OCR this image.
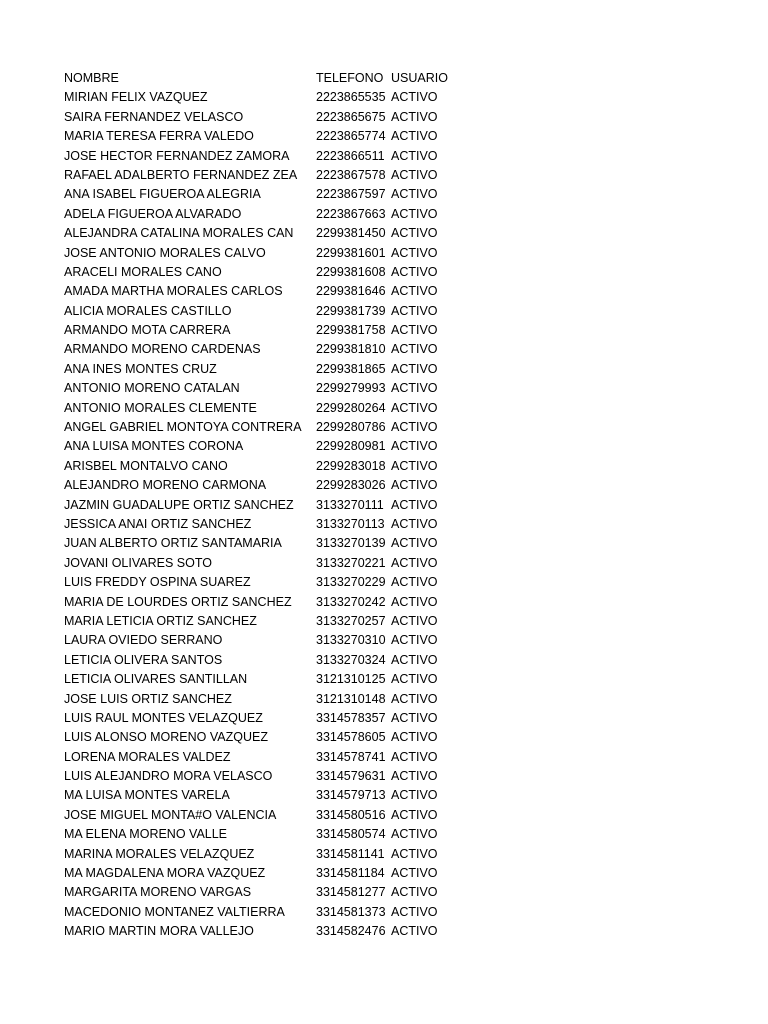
NOMBRE	TELEFONO USUARIO
MIRIAN FELIX VAZQUEZ	2223865535 ACTIVO
SAIRA FERNANDEZ VELASCO	2223865675 ACTIVO
MARIA TERESA FERRA VALEDO	2223865774 ACTIVO
JOSE HECTOR FERNANDEZ ZAMORA	2223866511 ACTIVO
RAFAEL ADALBERTO FERNANDEZ ZEA	2223867578 ACTIVO
ANA ISABEL FIGUEROA ALEGRIA	2223867597 ACTIVO
ADELA FIGUEROA ALVARADO	2223867663 ACTIVO
ALEJANDRA CATALINA MORALES CAN	2299381450 ACTIVO
JOSE ANTONIO MORALES CALVO	2299381601 ACTIVO
ARACELI MORALES CANO	2299381608 ACTIVO
AMADA MARTHA MORALES CARLOS	2299381646 ACTIVO
ALICIA MORALES CASTILLO	2299381739 ACTIVO
ARMANDO MOTA CARRERA	2299381758 ACTIVO
ARMANDO MORENO CARDENAS	2299381810 ACTIVO
ANA INES MONTES CRUZ	2299381865 ACTIVO
ANTONIO MORENO CATALAN	2299279993 ACTIVO
ANTONIO MORALES CLEMENTE	2299280264 ACTIVO
ANGEL GABRIEL MONTOYA CONTRERA	2299280786 ACTIVO
ANA LUISA MONTES CORONA	2299280981 ACTIVO
ARISBEL MONTALVO CANO	2299283018 ACTIVO
ALEJANDRO MORENO CARMONA	2299283026 ACTIVO
JAZMIN GUADALUPE ORTIZ SANCHEZ	3133270111 ACTIVO
JESSICA ANAI ORTIZ SANCHEZ	3133270113 ACTIVO
JUAN ALBERTO ORTIZ SANTAMARIA	3133270139 ACTIVO
JOVANI OLIVARES SOTO	3133270221 ACTIVO
LUIS FREDDY OSPINA SUAREZ	3133270229 ACTIVO
MARIA DE LOURDES ORTIZ SANCHEZ	3133270242 ACTIVO
MARIA LETICIA ORTIZ SANCHEZ	3133270257 ACTIVO
LAURA OVIEDO SERRANO	3133270310 ACTIVO
LETICIA OLIVERA SANTOS	3133270324 ACTIVO
LETICIA OLIVARES SANTILLAN	3121310125 ACTIVO
JOSE LUIS ORTIZ SANCHEZ	3121310148 ACTIVO
LUIS RAUL MONTES VELAZQUEZ	3314578357 ACTIVO
LUIS ALONSO MORENO VAZQUEZ	3314578605 ACTIVO
LORENA MORALES VALDEZ	3314578741 ACTIVO
LUIS ALEJANDRO MORA VELASCO	3314579631 ACTIVO
MA LUISA MONTES VARELA	3314579713 ACTIVO
JOSE MIGUEL MONTA#O VALENCIA	3314580516 ACTIVO
MA ELENA MORENO VALLE	3314580574 ACTIVO
MARINA MORALES VELAZQUEZ	3314581141 ACTIVO
MA MAGDALENA MORA VAZQUEZ	3314581184 ACTIVO
MARGARITA MORENO VARGAS	3314581277 ACTIVO
MACEDONIO MONTANEZ VALTIERRA	3314581373 ACTIVO
MARIO MARTIN MORA VALLEJO	3314582476 ACTIVO
